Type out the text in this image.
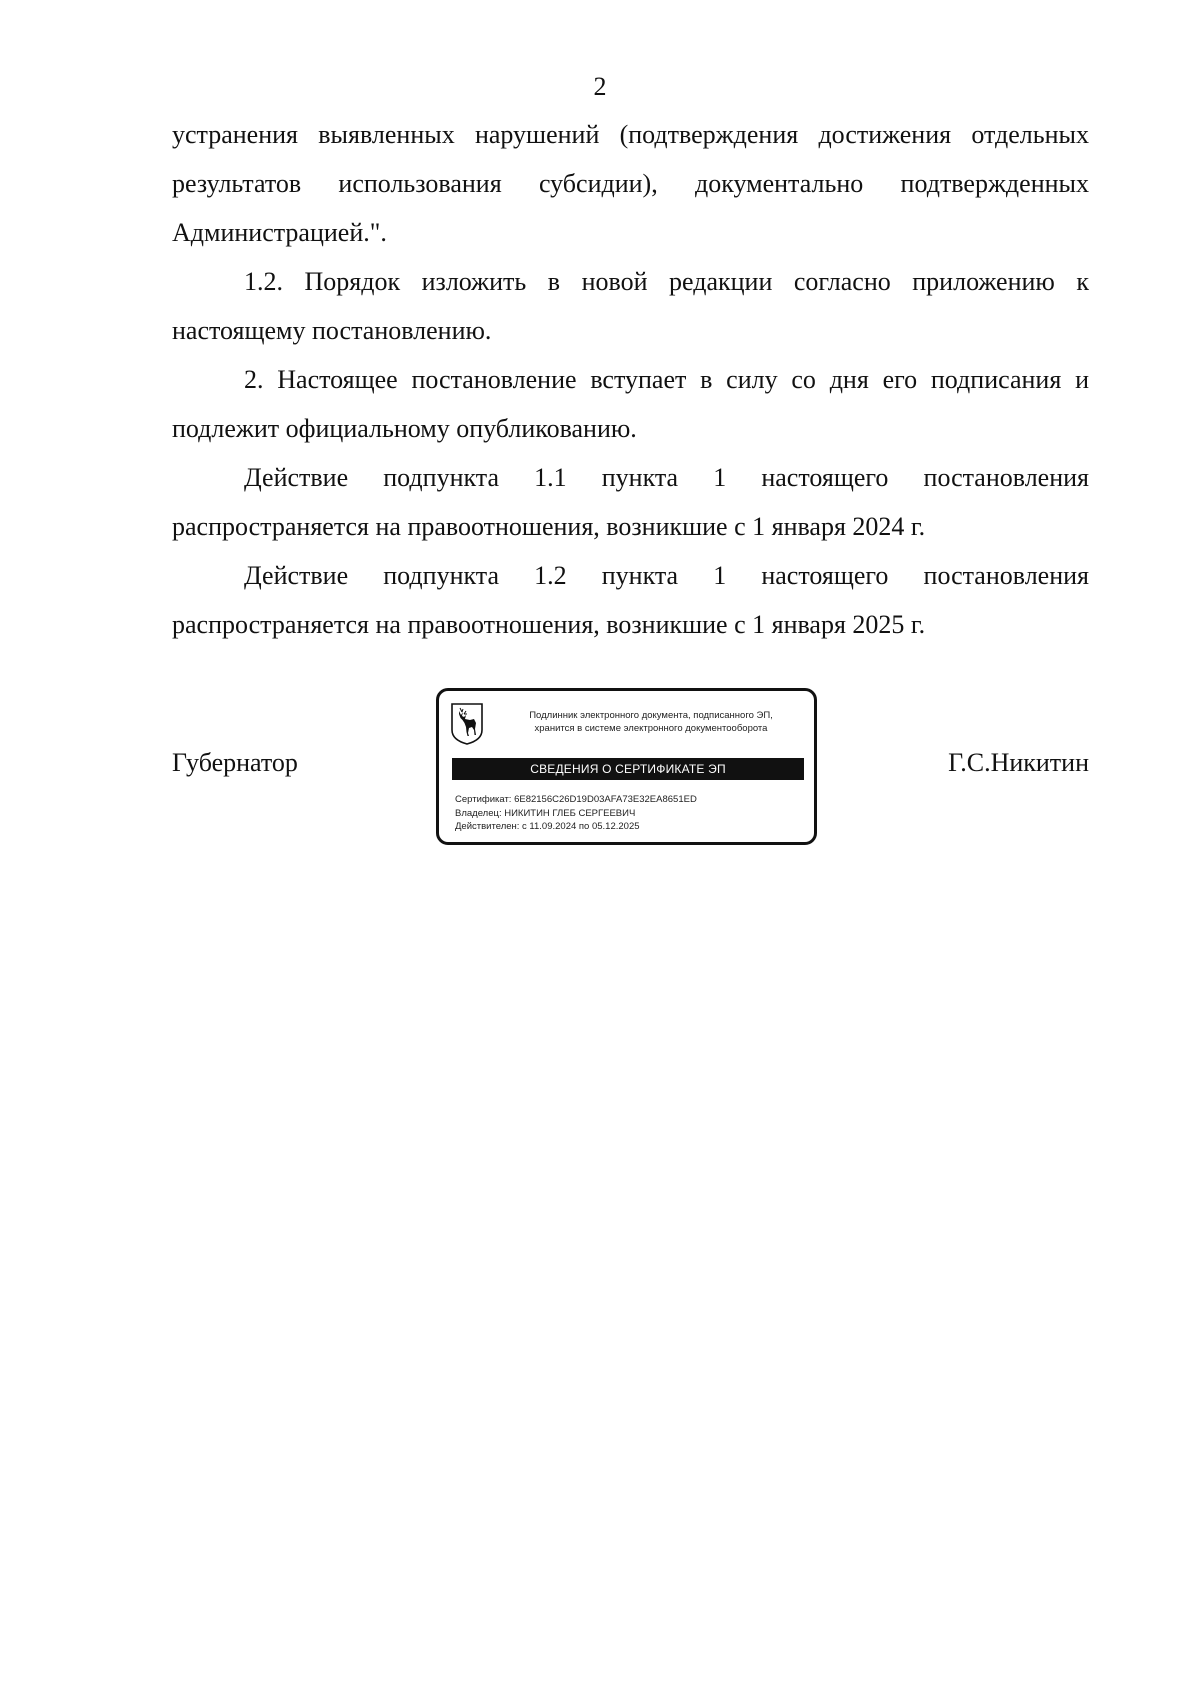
2

устранения выявленных нарушений (подтверждения достижения отдельных результатов использования субсидии), документально подтвержденных Администрацией.".

1.2. Порядок изложить в новой редакции согласно приложению к настоящему постановлению.

2. Настоящее постановление вступает в силу со дня его подписания и подлежит официальному опубликованию.

Действие подпункта 1.1 пункта 1 настоящего постановления распространяется на правоотношения, возникшие с 1 января 2024 г.

Действие подпункта 1.2 пункта 1 настоящего постановления распространяется на правоотношения, возникшие с 1 января 2025 г.

Губернатор
Подлинник электронного документа, подписанного ЭП,
хранится в системе электронного документооборота
СВЕДЕНИЯ О СЕРТИФИКАТЕ ЭП
Сертификат: 6E82156C26D19D03AFA73E32EA8651ED
Владелец: НИКИТИН ГЛЕБ СЕРГЕЕВИЧ
Действителен: с 11.09.2024 по 05.12.2025
Г.С.Никитин
